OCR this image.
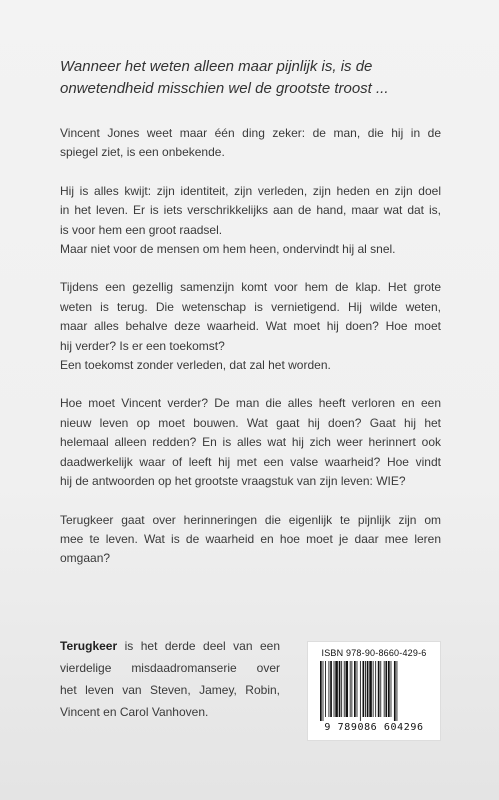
Wanneer het weten alleen maar pijnlijk is, is de
onwetendheid misschien wel de grootste troost ...

Vincent Jones weet maar één ding zeker: de man, die hij in de
spiegel ziet, is een onbekende.

Hij is alles kwijt: zijn identiteit, zijn verleden, zijn heden en zijn doel
in het leven. Er is iets verschrikkelijks aan de hand, maar wat dat is,
is voor hem een groot raadsel.
Maar niet voor de mensen om hem heen, ondervindt hij al snel.

Tijdens een gezellig samenzijn komt voor hem de klap. Het grote
weten is terug. Die wetenschap is vernietigend. Hij wilde weten,
maar alles behalve deze waarheid. Wat moet hij doen? Hoe moet
hij verder? Is er een toekomst?
Een toekomst zonder verleden, dat zal het worden.

Hoe moet Vincent verder? De man die alles heeft verloren en een
nieuw leven op moet bouwen. Wat gaat hij doen? Gaat hij het
helemaal alleen redden? En is alles wat hij zich weer herinnert ook
daadwerkelijk waar of leeft hij met een valse waarheid? Hoe vindt
hij de antwoorden op het grootste vraagstuk van zijn leven: WIE?

Terugkeer gaat over herinneringen die eigenlijk te pijnlijk zijn om
mee te leven. Wat is de waarheid en hoe moet je daar mee leren
omgaan?

Terugkeer is het derde deel van een
vierdelige misdaadromanserie over
het leven van Steven, Jamey, Robin,
Vincent en Carol Vanhoven.
ISBN 978-90-8660-429-6
9 789086 604296
